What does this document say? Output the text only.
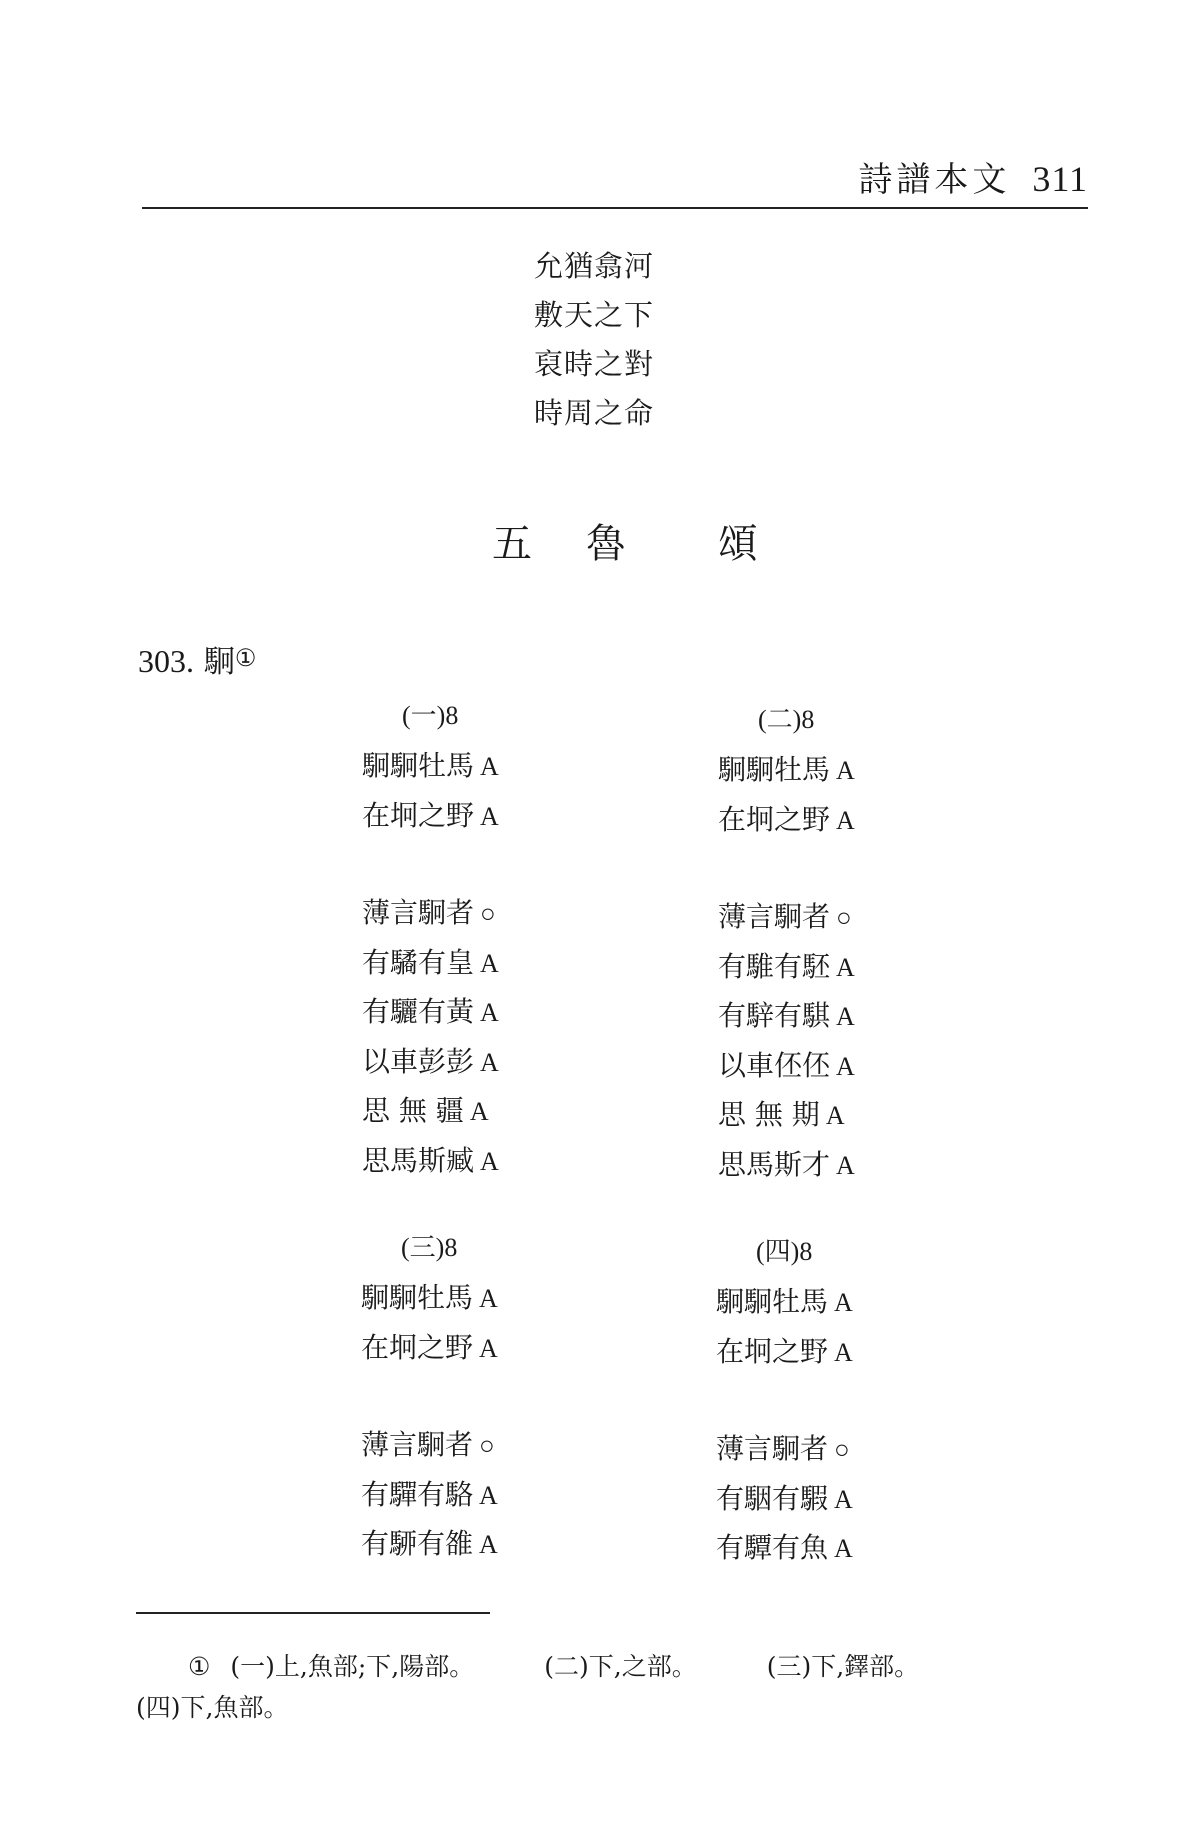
詩譜本文 311
允猶翕河
敷天之下
裒時之對
時周之命
五 魯 頌
303. 駉①
(一)8
駉駉牡馬 A
在坰之野 A
薄言駉者 ○
有驈有皇 A
有驪有黃 A
以車彭彭 A
思 無 疆 A
思馬斯臧 A
(二)8
駉駉牡馬 A
在坰之野 A
薄言駉者 ○
有騅有駓 A
有騂有騏 A
以車伾伾 A
思 無 期 A
思馬斯才 A
(三)8
駉駉牡馬 A
在坰之野 A
薄言駉者 ○
有驒有駱 A
有駵有雒 A
(四)8
駉駉牡馬 A
在坰之野 A
薄言駉者 ○
有駰有騢 A
有驔有魚 A
① (一)上,魚部;下,陽部。	(二)下,之部。	(三)下,鐸部。
(四)下,魚部。
